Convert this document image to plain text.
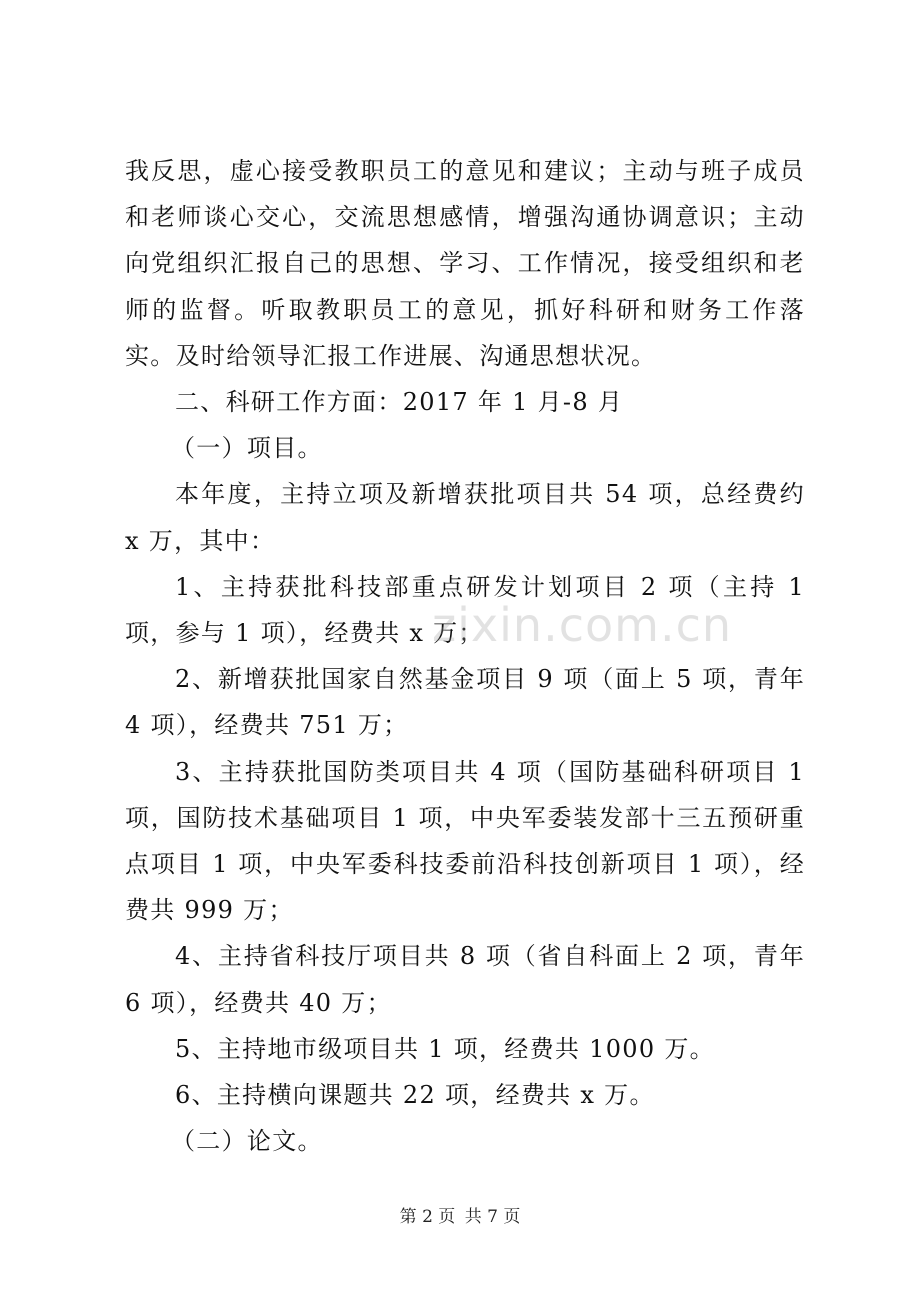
我反思，虚心接受教职员工的意见和建议；主动与班子成员和老师谈心交心，交流思想感情，增强沟通协调意识；主动向党组织汇报自己的思想、学习、工作情况，接受组织和老师的监督。听取教职员工的意见，抓好科研和财务工作落实。及时给领导汇报工作进展、沟通思想状况。

二、科研工作方面：2017 年 1 月-8 月

（一）项目。

本年度，主持立项及新增获批项目共 54 项，总经费约 x 万，其中：

1、主持获批科技部重点研发计划项目 2 项（主持 1 项，参与 1 项），经费共 x 万；

2、新增获批国家自然基金项目 9 项（面上 5 项，青年 4 项），经费共 751 万；

3、主持获批国防类项目共 4 项（国防基础科研项目 1 项，国防技术基础项目 1 项，中央军委装发部十三五预研重点项目 1 项，中央军委科技委前沿科技创新项目 1 项），经费共 999 万；

4、主持省科技厅项目共 8 项（省自科面上 2 项，青年 6 项），经费共 40 万；

5、主持地市级项目共 1 项，经费共 1000 万。

6、主持横向课题共 22 项，经费共 x 万。

（二）论文。

zixin.com.cn
第 2 页 共 7 页
